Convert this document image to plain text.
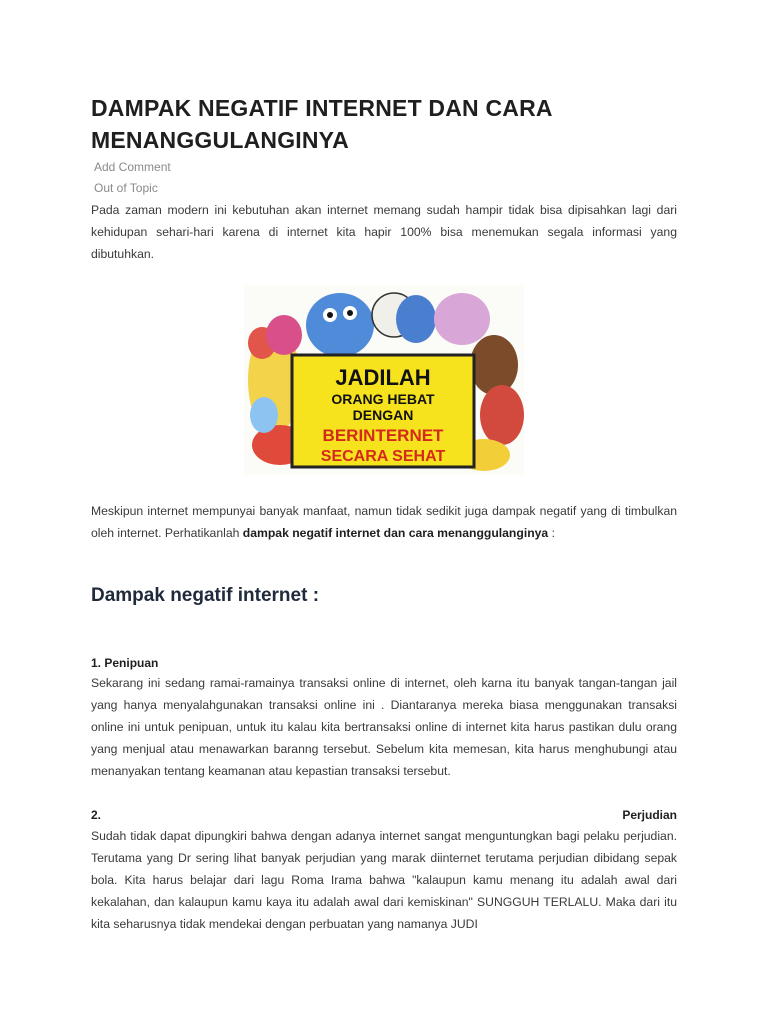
DAMPAK NEGATIF INTERNET DAN CARA MENANGGULANGINYA
Add Comment
Out of Topic

Pada zaman modern ini kebutuhan akan internet memang sudah hampir tidak bisa dipisahkan lagi dari kehidupan sehari-hari karena di internet kita hapir 100% bisa menemukan segala informasi yang dibutuhkan.

JADILAH
ORANG HEBAT
DENGAN
BERINTERNET
SECARA SEHAT

Meskipun internet mempunyai banyak manfaat, namun tidak sedikit juga dampak negatif yang di timbulkan oleh internet. Perhatikanlah dampak negatif internet dan cara menanggulanginya :

Dampak negatif internet :
1. Penipuan

Sekarang ini sedang ramai-ramainya transaksi online di internet, oleh karna itu banyak tangan-tangan jail yang hanya menyalahgunakan transaksi online ini . Diantaranya mereka biasa menggunakan transaksi online ini untuk penipuan, untuk itu kalau kita bertransaksi online di internet kita harus pastikan dulu orang yang menjual atau menawarkan baranng tersebut. Sebelum kita memesan, kita harus menghubungi atau menanyakan tentang keamanan atau kepastian transaksi tersebut.

2.	Perjudian

Sudah tidak dapat dipungkiri bahwa dengan adanya internet sangat menguntungkan bagi pelaku perjudian. Terutama yang Dr sering lihat banyak perjudian yang marak diinternet terutama perjudian dibidang sepak bola. Kita harus belajar dari lagu Roma Irama bahwa "kalaupun kamu menang itu adalah awal dari kekalahan, dan kalaupun kamu kaya itu adalah awal dari kemiskinan" SUNGGUH TERLALU. Maka dari itu kita seharusnya tidak mendekai dengan perbuatan yang namanya JUDI
